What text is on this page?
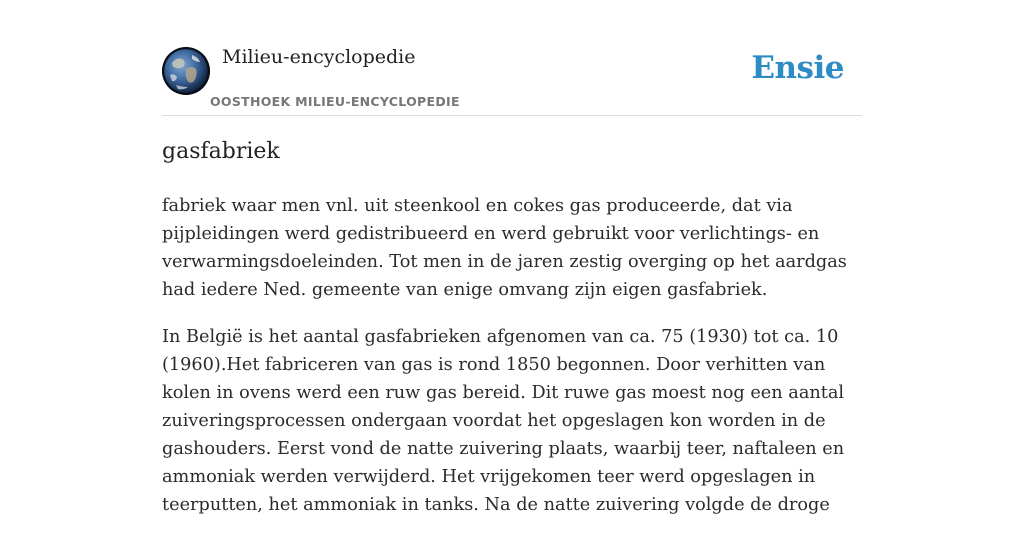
Milieu-encyclopedie
OOSTHOEK MILIEU-ENCYCLOPEDIE
Ensie
gasfabriek

fabriek waar men vnl. uit steenkool en cokes gas produceerde, dat via pijpleidingen werd gedistribueerd en werd gebruikt voor verlichtings- en verwarmingsdoeleinden. Tot men in de jaren zestig overging op het aardgas had iedere Ned. gemeente van enige omvang zijn eigen gasfabriek.

In België is het aantal gasfabrieken afgenomen van ca. 75 (1930) tot ca. 10 (1960).Het fabriceren van gas is rond 1850 begonnen. Door verhitten van kolen in ovens werd een ruw gas bereid. Dit ruwe gas moest nog een aantal zuiveringsprocessen ondergaan voordat het opgeslagen kon worden in de gashouders. Eerst vond de natte zuivering plaats, waarbij teer, naftaleen en ammoniak werden verwijderd. Het vrijgekomen teer werd opgeslagen in teerputten, het ammoniak in tanks. Na de natte zuivering volgde de droge
